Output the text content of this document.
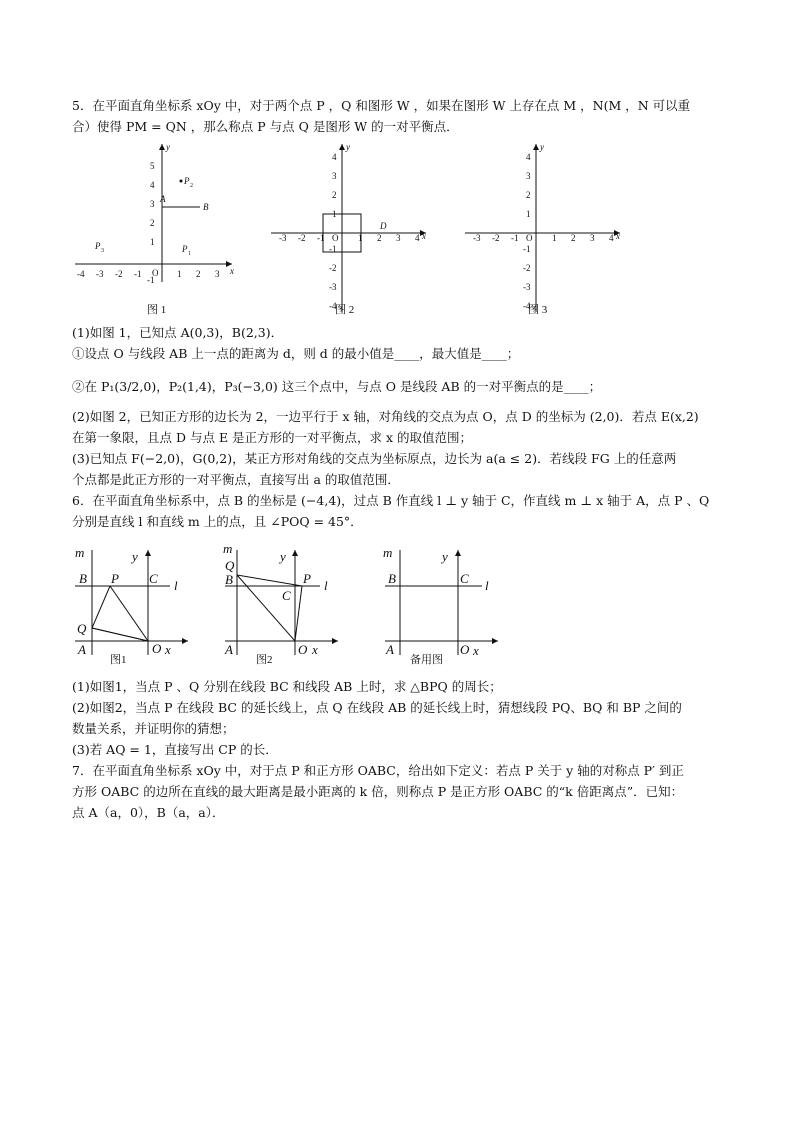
5．在平面直角坐标系 xOy 中，对于两个点 P ，Q 和图形 W ，如果在图形 W 上存在点 M ，N(M ，N 可以重
合）使得 PM = QN ，那么称点 P 与点 Q 是图形 W 的一对平衡点．
-4 -3 -2 -1 O 1 2 3 x
1
2
3
4
5
-1
y
A
B
P 2
P 3	P 1
图 1
-3 -2 -1 O 1 2 3 4 x
y
4
3
2
1
-1
-2
-3
-4
D
图 2
-3 -2 -1 O 1 2 3 4 x
y
4
3
2
1
-1
-2
-3
-4
图 3
(1)如图 1，已知点 A(0,3)，B(2,3)．
①设点 O 与线段 AB 上一点的距离为 d，则 d 的最小值是____，最大值是____；
②在 P₁(3/2,0)，P₂(1,4)，P₃(−3,0) 这三个点中，与点 O 是线段 AB 的一对平衡点的是____；
(2)如图 2，已知正方形的边长为 2，一边平行于 x 轴，对角线的交点为点 O，点 D 的坐标为 (2,0)．若点 E(x,2)
在第一象限，且点 D 与点 E 是正方形的一对平衡点，求 x 的取值范围；
(3)已知点 F(−2,0)，G(0,2)，某正方形对角线的交点为坐标原点，边长为 a(a ≤ 2)．若线段 FG 上的任意两
个点都是此正方形的一对平衡点，直接写出 a 的取值范围．
6．在平面直角坐标系中，点 B 的坐标是 (−4,4)，过点 B 作直线 l ⊥ y 轴于 C，作直线 m ⊥ x 轴于 A，点 P 、Q
分别是直线 l 和直线 m 上的点，且 ∠POQ = 45°．
m	y
B P C l
Q
A	O x
图1
m
y
Q
B	P
C
l
A	O x
图2
m	y
B	C l
A	O x
备用图
(1)如图1，当点 P 、Q 分别在线段 BC 和线段 AB 上时，求 △BPQ 的周长；
(2)如图2，当点 P 在线段 BC 的延长线上，点 Q 在线段 AB 的延长线上时，猜想线段 PQ、BQ 和 BP 之间的
数量关系，并证明你的猜想；
(3)若 AQ = 1，直接写出 CP 的长．
7．在平面直角坐标系 xOy 中，对于点 P 和正方形 OABC，给出如下定义：若点 P 关于 y 轴的对称点 P′ 到正
方形 OABC 的边所在直线的最大距离是最小距离的 k 倍，则称点 P 是正方形 OABC 的“k 倍距离点”．已知：
点 A（a，0），B（a，a）．
